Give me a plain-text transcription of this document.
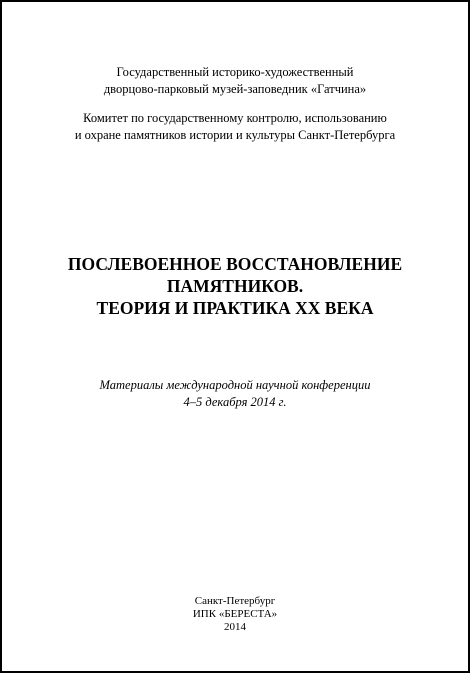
Государственный историко-художественный
дворцово-парковый музей-заповедник «Гатчина»
Комитет по государственному контролю, использованию
и охране памятников истории и культуры Санкт-Петербурга
ПОСЛЕВОЕННОЕ ВОССТАНОВЛЕНИЕ
ПАМЯТНИКОВ.
ТЕОРИЯ И ПРАКТИКА XX ВЕКА
Материалы международной научной конференции
4–5 декабря 2014 г.
Санкт-Петербург
ИПК «БЕРЕСТА»
2014
